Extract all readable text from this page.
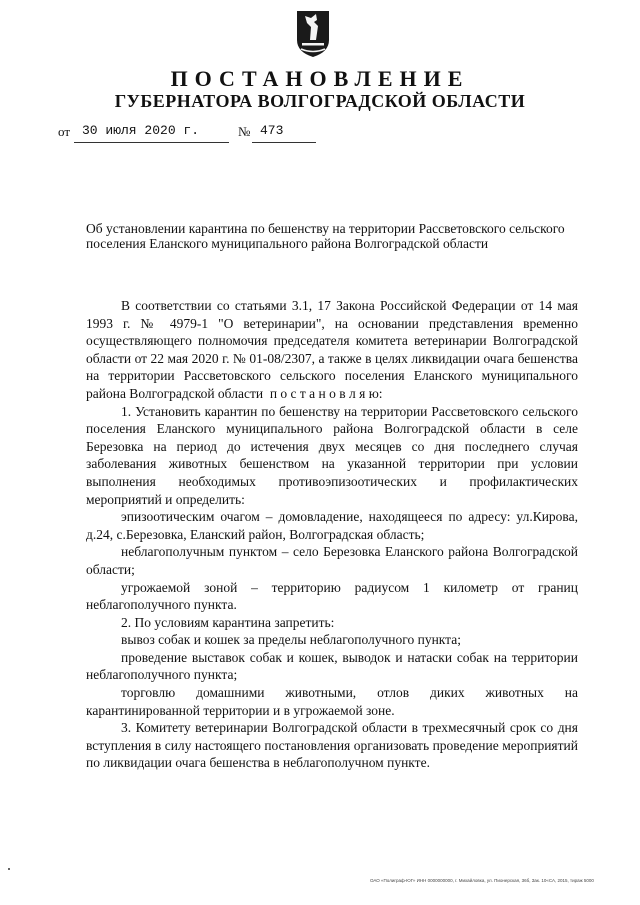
ПОСТАНОВЛЕНИЕ
ГУБЕРНАТОРА ВОЛГОГРАДСКОЙ ОБЛАСТИ
от 30 июля 2020 г.	№ 473
Об установлении карантина по бешенству на территории Рассветовского сельского поселения Еланского муниципального района Волгоградской области
В соответствии со статьями 3.1, 17 Закона Российской Федерации от 14 мая 1993 г. № 4979-1 "О ветеринарии", на основании представления временно осуществляющего полномочия председателя комитета ветеринарии Волгоградской области от 22 мая 2020 г. № 01-08/2307, а также в целях ликвидации очага бешенства на территории Рассветовского сельского поселения Еланского муниципального района Волгоградской области п о с т а н о в л я ю:
1. Установить карантин по бешенству на территории Рассветовского сельского поселения Еланского муниципального района Волгоградской области в селе Березовка на период до истечения двух месяцев со дня последнего случая заболевания животных бешенством на указанной территории при условии выполнения необходимых противоэпизоотических и профилактических мероприятий и определить:
эпизоотическим очагом – домовладение, находящееся по адресу: ул.Кирова, д.24, с.Березовка, Еланский район, Волгоградская область;
неблагополучным пунктом – село Березовка Еланского района Волгоградской области;
угрожаемой зоной – территорию радиусом 1 километр от границ неблагополучного пункта.
2. По условиям карантина запретить:
вывоз собак и кошек за пределы неблагополучного пункта;
проведение выставок собак и кошек, выводок и натаски собак на территории неблагополучного пункта;
торговлю домашними животными, отлов диких животных на карантинированной территории и в угрожаемой зоне.
3. Комитету ветеринарии Волгоградской области в трехмесячный срок со дня вступления в силу настоящего постановления организовать проведение мероприятий по ликвидации очага бешенства в неблагополучном пункте.
ОАО «Полиграф-ЮГ» ИНН 0000000000, г. Михайловка, ул. Пионерская, 36б, Зак. 10«СА, 2015, тираж 5000
